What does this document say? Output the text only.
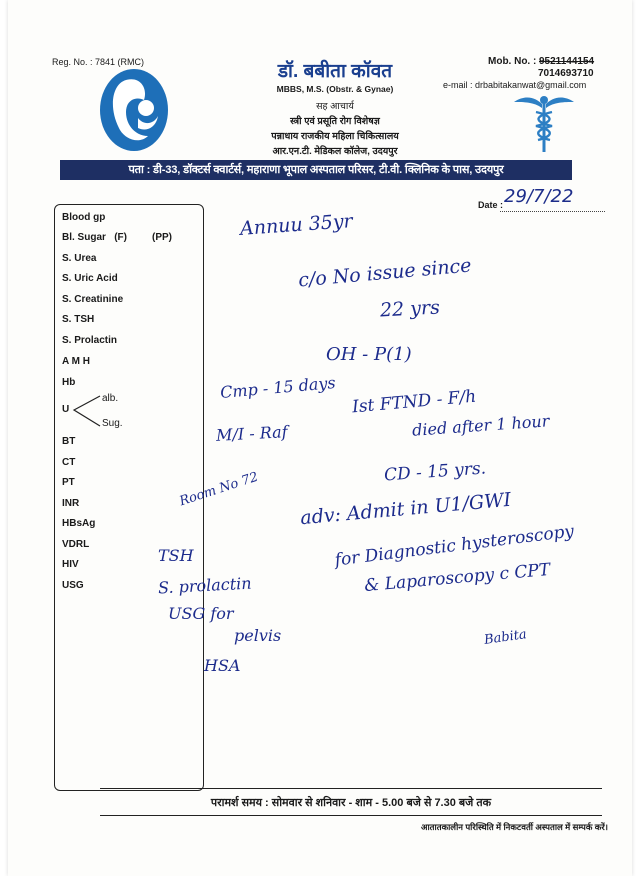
Reg. No. : 7841 (RMC)	डॉ. बबीता कॉवत
MBBS, M.S. (Obstr. & Gynae)
सह आचार्य
स्त्री एवं प्रसूति रोग विशेषज्ञ
पन्नाधाय राजकीय महिला चिकित्सालय
आर.एन.टी. मेडिकल कॉलेज, उदयपुर
Mob. No. : 9521144154
7014693710
e-mail : drbabitakanwat@gmail.com
पता : डी-33, डॉक्टर्स क्वार्टर्स, महाराणा भूपाल अस्पताल परिसर, टी.वी. क्लिनिक के पास, उदयपुर
Date : 29/7/22
Blood gp
Bl. Sugar   (F)         (PP)
S. Urea
S. Uric Acid
S. Creatinine
S. TSH
S. Prolactin
A M H
Hb
U
alb.
Sug.
BT
CT
PT
INR
HBsAg
VDRL
HIV
USG
Annuu 35yr
c/o No issue since
22 yrs
OH - P(1)
Cmp - 15 days Ist FTND - F/h
M/I - Raf	died after 1 hour
CD - 15 yrs.
Room No 72 adv: Admit in U1/GWI
for Diagnostic hysteroscopy
& Laparoscopy c CPT
TSH
S. prolactin
USG for
pelvis
HSA
Babita
परामर्श समय : सोमवार से शनिवार - शाम - 5.00 बजे से 7.30 बजे तक
आतातकालीन परिस्थिति में निकटवर्ती अस्पताल में सम्पर्क करें।
